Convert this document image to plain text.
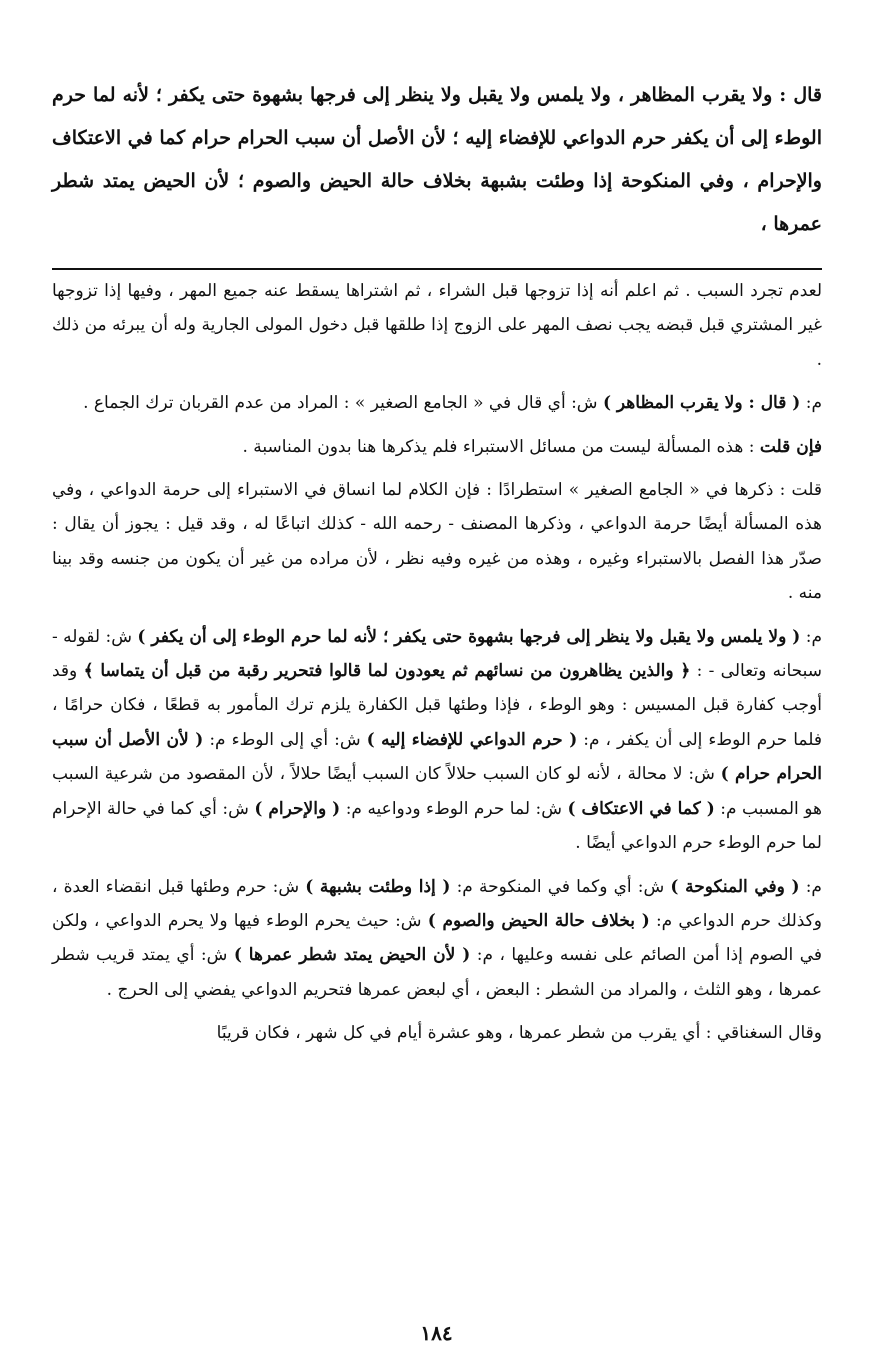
قال : ولا يقرب المظاهر ، ولا يلمس ولا يقبل ولا ينظر إلى فرجها بشهوة حتى يكفر ؛ لأنه لما حرم الوطء إلى أن يكفر حرم الدواعي للإفضاء إليه ؛ لأن الأصل أن سبب الحرام حرام كما في الاعتكاف والإحرام ، وفي المنكوحة إذا وطئت بشبهة بخلاف حالة الحيض والصوم ؛ لأن الحيض يمتد شطر عمرها ،

لعدم تجرد السبب . ثم اعلم أنه إذا تزوجها قبل الشراء ، ثم اشتراها يسقط عنه جميع المهر ، وفيها إذا تزوجها غير المشتري قبل قبضه يجب نصف المهر على الزوج إذا طلقها قبل دخول المولى الجارية وله أن يبرئه من ذلك .

م: ( قال : ولا يقرب المظاهر ) ش: أي قال في « الجامع الصغير » : المراد من عدم القربان ترك الجماع .

فإن قلت : هذه المسألة ليست من مسائل الاستبراء فلم يذكرها هنا بدون المناسبة .

قلت : ذكرها في « الجامع الصغير » استطرادًا : فإن الكلام لما انساق في الاستبراء إلى حرمة الدواعي ، وفي هذه المسألة أيضًا حرمة الدواعي ، وذكرها المصنف - رحمه الله - كذلك اتباعًا له ، وقد قيل : يجوز أن يقال : صدّر هذا الفصل بالاستبراء وغيره ، وهذه من غيره وفيه نظر ، لأن مراده من غير أن يكون من جنسه وقد بينا منه .

م: ( ولا يلمس ولا يقبل ولا ينظر إلى فرجها بشهوة حتى يكفر ؛ لأنه لما حرم الوطء إلى أن يكفر ) ش: لقوله - سبحانه وتعالى - : ﴿ والذين يظاهرون من نسائهم ثم يعودون لما قالوا فتحرير رقبة من قبل أن يتماسا ﴾ وقد أوجب كفارة قبل المسيس : وهو الوطء ، فإذا وطئها قبل الكفارة يلزم ترك المأمور به قطعًا ، فكان حرامًا ، فلما حرم الوطء إلى أن يكفر ، م: ( حرم الدواعي للإفضاء إليه ) ش: أي إلى الوطء م: ( لأن الأصل أن سبب الحرام حرام ) ش: لا محالة ، لأنه لو كان السبب حلالاً كان السبب أيضًا حلالاً ، لأن المقصود من شرعية السبب هو المسبب م: ( كما في الاعتكاف ) ش: لما حرم الوطء ودواعيه م: ( والإحرام ) ش: أي كما في حالة الإحرام لما حرم الوطء حرم الدواعي أيضًا .

م: ( وفي المنكوحة ) ش: أي وكما في المنكوحة م: ( إذا وطئت بشبهة ) ش: حرم وطئها قبل انقضاء العدة ، وكذلك حرم الدواعي م: ( بخلاف حالة الحيض والصوم ) ش: حيث يحرم الوطء فيها ولا يحرم الدواعي ، ولكن في الصوم إذا أمن الصائم على نفسه وعليها ، م: ( لأن الحيض يمتد شطر عمرها ) ش: أي يمتد قريب شطر عمرها ، وهو الثلث ، والمراد من الشطر : البعض ، أي لبعض عمرها فتحريم الدواعي يفضي إلى الحرج .

وقال السغناقي : أي يقرب من شطر عمرها ، وهو عشرة أيام في كل شهر ، فكان قريبًا

١٨٤
